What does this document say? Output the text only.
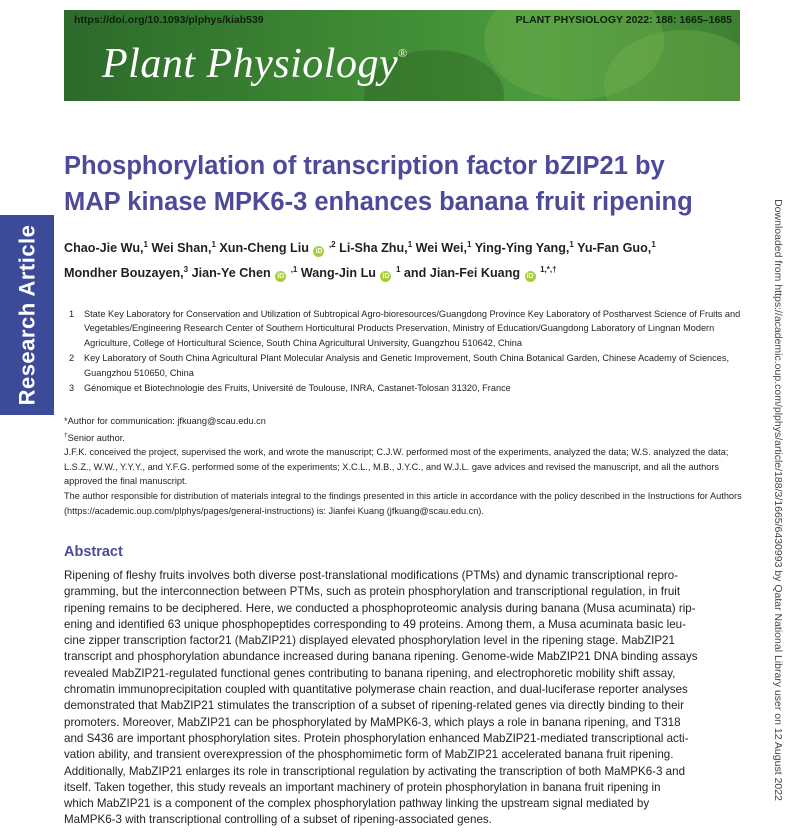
https://doi.org/10.1093/plphys/kiab539	PLANT PHYSIOLOGY 2022: 188: 1665–1685
Plant Physiology®
Research Article	Downloaded from https://academic.oup.com/plphys/article/188/3/1665/6430993 by Qatar National Library user on 12 August 2022
Phosphorylation of transcription factor bZIP21 by
MAP kinase MPK6-3 enhances banana fruit ripening
Chao-Jie Wu,$^1$ Wei Shan,$^1$ Xun-Cheng Liu iD $^{,2}$ Li-Sha Zhu,$^1$ Wei Wei,$^1$ Ying-Ying Yang,$^1$ Yu-Fan Guo,$^1$
Mondher Bouzayen,$^3$ Jian-Ye Chen iD $^{,1}$ Wang-Jin Lu iD $^1$ and Jian-Fei Kuang iD $^{1,*,\dagger}$
1	State Key Laboratory for Conservation and Utilization of Subtropical Agro-bioresources/Guangdong Province Key Laboratory of Postharvest Science of Fruits and Vegetables/Engineering Research Center of Southern Horticultural Products Preservation, Ministry of Education/Guangdong Laboratory of Lingnan Modern Agriculture, College of Horticultural Science, South China Agricultural University, Guangzhou 510642, China
2	Key Laboratory of South China Agricultural Plant Molecular Analysis and Genetic Improvement, South China Botanical Garden, Chinese Academy of Sciences, Guangzhou 510650, China
3	Génomique et Biotechnologie des Fruits, Université de Toulouse, INRA, Castanet-Tolosan 31320, France

*Author for communication: jfkuang@scau.edu.cn

†Senior author.

J.F.K. conceived the project, supervised the work, and wrote the manuscript; C.J.W. performed most of the experiments, analyzed the data; W.S. analyzed the data; L.S.Z., W.W., Y.Y.Y., and Y.F.G. performed some of the experiments; X.C.L., M.B., J.Y.C., and W.J.L. gave advices and revised the manuscript, and all the authors approved the final manuscript.

The author responsible for distribution of materials integral to the findings presented in this article in accordance with the policy described in the Instructions for Authors (https://academic.oup.com/plphys/pages/general-instructions) is: Jianfei Kuang (jfkuang@scau.edu.cn).

Abstract
Ripening of fleshy fruits involves both diverse post-translational modifications (PTMs) and dynamic transcriptional repro-
gramming, but the interconnection between PTMs, such as protein phosphorylation and transcriptional regulation, in fruit
ripening remains to be deciphered. Here, we conducted a phosphoproteomic analysis during banana (Musa acuminata) rip-
ening and identified 63 unique phosphopeptides corresponding to 49 proteins. Among them, a Musa acuminata basic leu-
cine zipper transcription factor21 (MabZIP21) displayed elevated phosphorylation level in the ripening stage. MabZIP21
transcript and phosphorylation abundance increased during banana ripening. Genome-wide MabZIP21 DNA binding assays
revealed MabZIP21-regulated functional genes contributing to banana ripening, and electrophoretic mobility shift assay,
chromatin immunoprecipitation coupled with quantitative polymerase chain reaction, and dual-luciferase reporter analyses
demonstrated that MabZIP21 stimulates the transcription of a subset of ripening-related genes via directly binding to their
promoters. Moreover, MabZIP21 can be phosphorylated by MaMPK6-3, which plays a role in banana ripening, and T318
and S436 are important phosphorylation sites. Protein phosphorylation enhanced MabZIP21-mediated transcriptional acti-
vation ability, and transient overexpression of the phosphomimetic form of MabZIP21 accelerated banana fruit ripening.
Additionally, MabZIP21 enlarges its role in transcriptional regulation by activating the transcription of both MaMPK6-3 and
itself. Taken together, this study reveals an important machinery of protein phosphorylation in banana fruit ripening in
which MabZIP21 is a component of the complex phosphorylation pathway linking the upstream signal mediated by
MaMPK6-3 with transcriptional controlling of a subset of ripening-associated genes.
